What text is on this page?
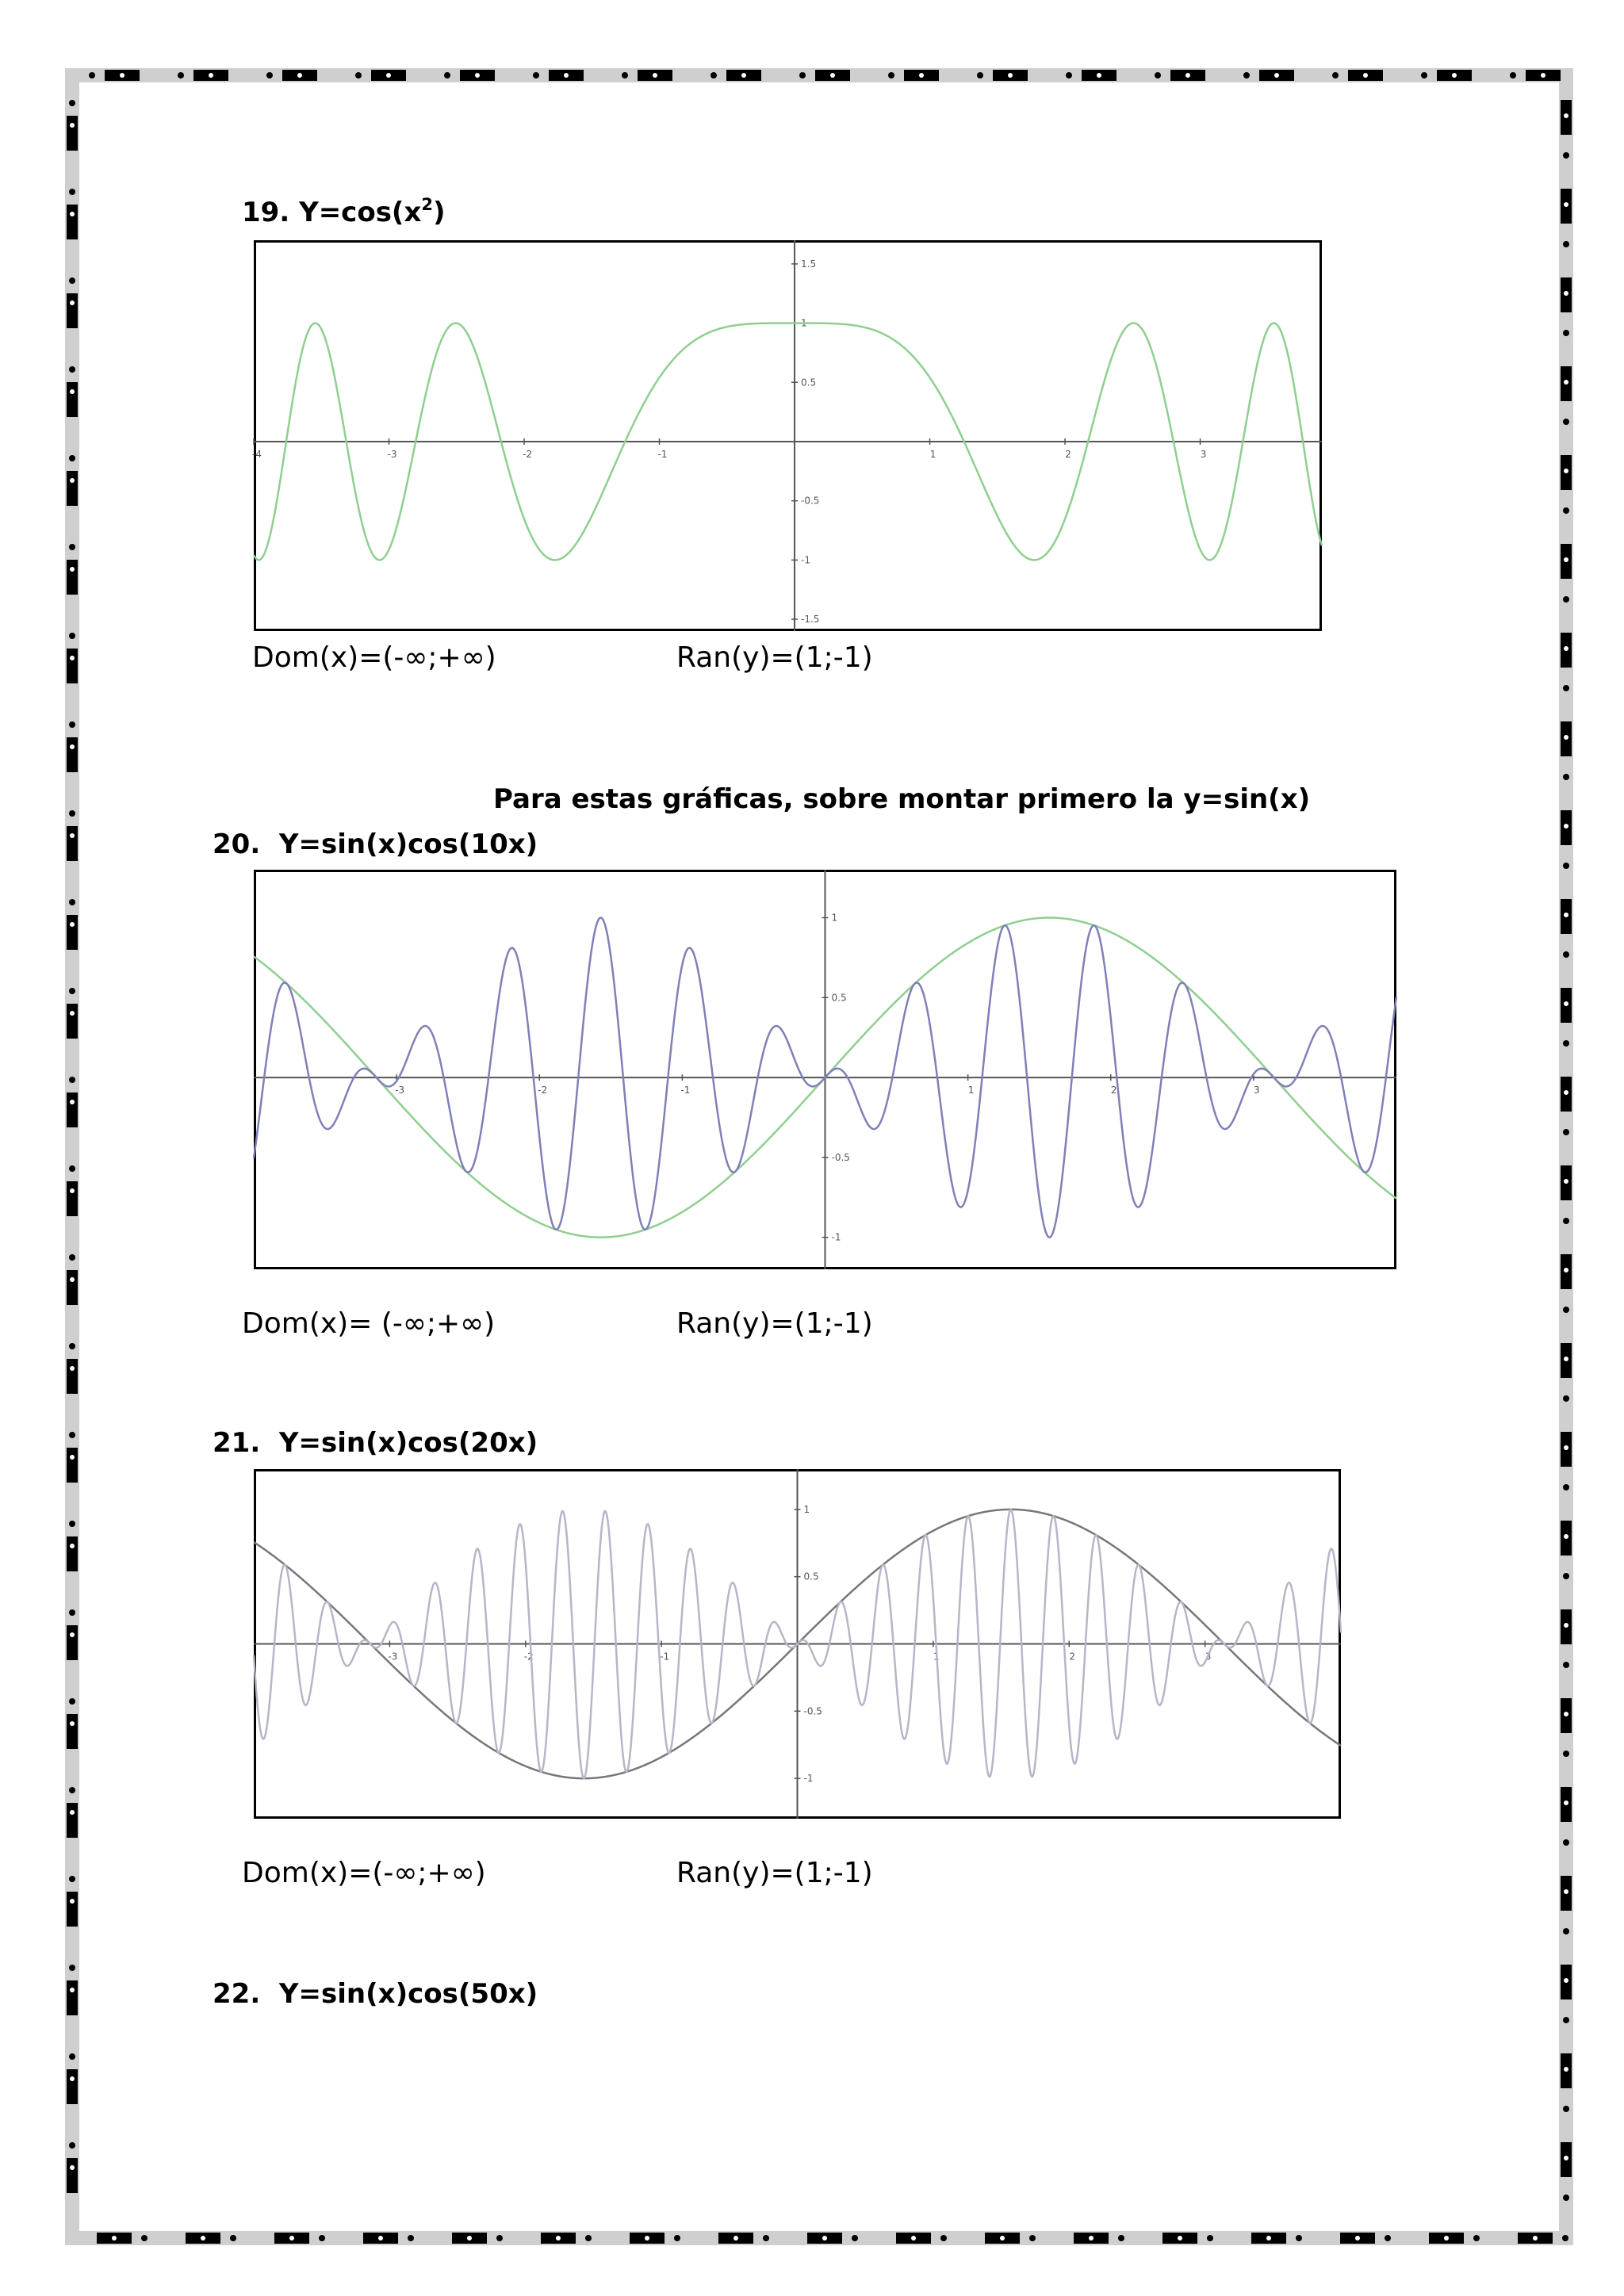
19. $Y=\cos(x^2)$
-4	-3	-2	-1	1	2	3
1.5
1
0.5
-0.5
-1
-1.5
Dom(x)=(-∞;+∞)	Ran(y)=(1;-1)
Para estas gráficas, sobre montar primero la y=sin(x)
20. Y=sin(x)cos(10x)
-3	-2	-1	1	2	3
1
0.5
-0.5
-1
Dom(x)= (-∞;+∞)	Ran(y)=(1;-1)
21. Y=sin(x)cos(20x)
-3	-2	-1	1	2	3
1
0.5
-0.5
-1
Dom(x)=(-∞;+∞)	Ran(y)=(1;-1)
22. Y=sin(x)cos(50x)
